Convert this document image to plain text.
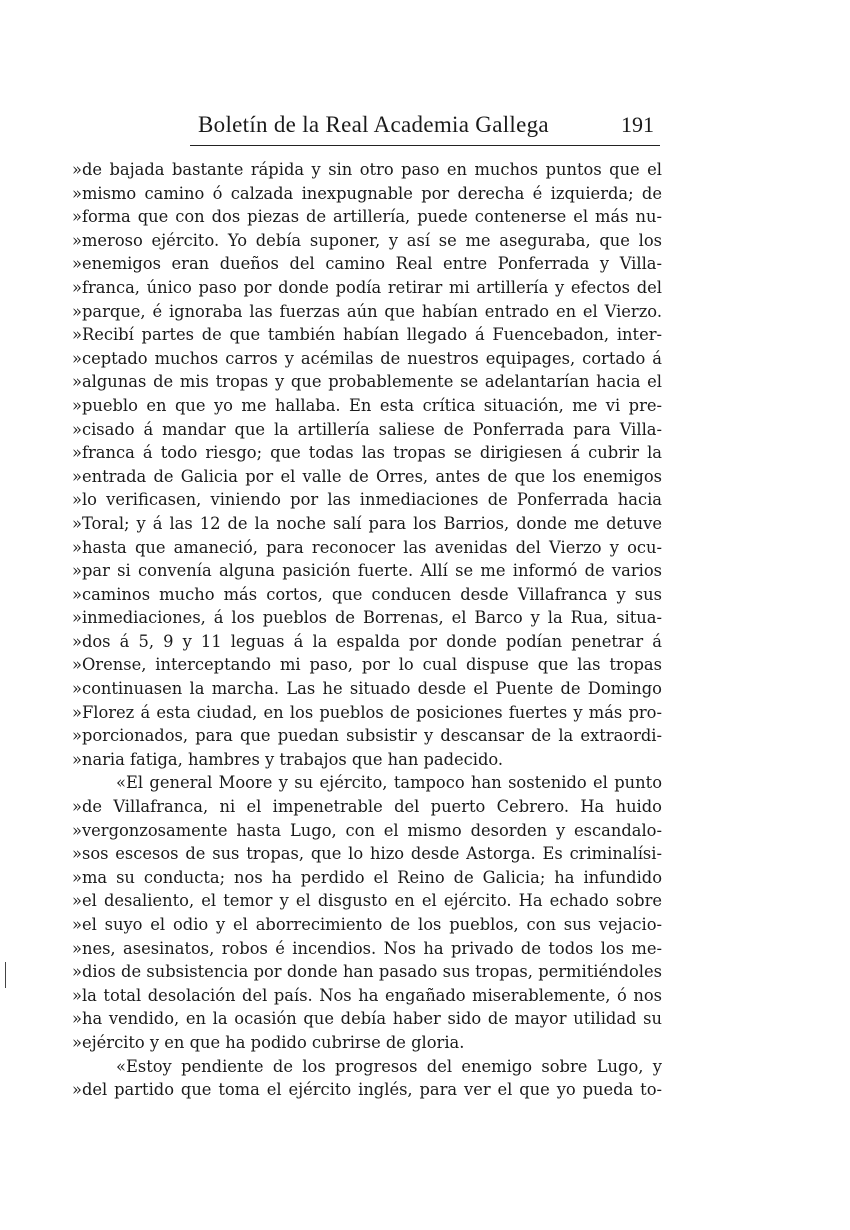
Boletín de la Real Academia Gallega	191
»de bajada bastante rápida y sin otro paso en muchos puntos que el
»mismo camino ó calzada inexpugnable por derecha é izquierda; de
»forma que con dos piezas de artillería, puede contenerse el más nu-
»meroso ejército. Yo debía suponer, y así se me aseguraba, que los
»enemigos eran dueños del camino Real entre Ponferrada y Villa-
»franca, único paso por donde podía retirar mi artillería y efectos del
»parque, é ignoraba las fuerzas aún que habían entrado en el Vierzo.
»Recibí partes de que también habían llegado á Fuencebadon, inter-
»ceptado muchos carros y acémilas de nuestros equipages, cortado á
»algunas de mis tropas y que probablemente se adelantarían hacia el
»pueblo en que yo me hallaba. En esta crítica situación, me vi pre-
»cisado á mandar que la artillería saliese de Ponferrada para Villa-
»franca á todo riesgo; que todas las tropas se dirigiesen á cubrir la
»entrada de Galicia por el valle de Orres, antes de que los enemigos
»lo verificasen, viniendo por las inmediaciones de Ponferrada hacia
»Toral; y á las 12 de la noche salí para los Barrios, donde me detuve
»hasta que amaneció, para reconocer las avenidas del Vierzo y ocu-
»par si convenía alguna pasición fuerte. Allí se me informó de varios
»caminos mucho más cortos, que conducen desde Villafranca y sus
»inmediaciones, á los pueblos de Borrenas, el Barco y la Rua, situa-
»dos á 5, 9 y 11 leguas á la espalda por donde podían penetrar á
»Orense, interceptando mi paso, por lo cual dispuse que las tropas
»continuasen la marcha. Las he situado desde el Puente de Domingo
»Florez á esta ciudad, en los pueblos de posiciones fuertes y más pro-
»porcionados, para que puedan subsistir y descansar de la extraordi-
»naria fatiga, hambres y trabajos que han padecido.
«El general Moore y su ejército, tampoco han sostenido el punto
»de Villafranca, ni el impenetrable del puerto Cebrero. Ha huido
»vergonzosamente hasta Lugo, con el mismo desorden y escandalo-
»sos escesos de sus tropas, que lo hizo desde Astorga. Es criminalísi-
»ma su conducta; nos ha perdido el Reino de Galicia; ha infundido
»el desaliento, el temor y el disgusto en el ejército. Ha echado sobre
»el suyo el odio y el aborrecimiento de los pueblos, con sus vejacio-
»nes, asesinatos, robos é incendios. Nos ha privado de todos los me-
»dios de subsistencia por donde han pasado sus tropas, permitiéndoles
»la total desolación del país. Nos ha engañado miserablemente, ó nos
»ha vendido, en la ocasión que debía haber sido de mayor utilidad su
»ejército y en que ha podido cubrirse de gloria.
«Estoy pendiente de los progresos del enemigo sobre Lugo, y
»del partido que toma el ejército inglés, para ver el que yo pueda to-
